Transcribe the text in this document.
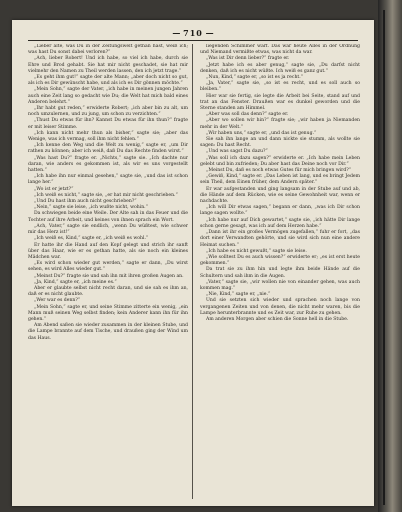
— 710 —

„Lieber alte, was Du in der Zeitungswelt gethan hast, weiß ich; was hast Du sonst dabei verloren?“

„Ach, lieber Robert! Und ich habe, so viel ich habe, durch sie Ehre und Brod gehabt. Sie hat mir nicht geschadet, sie hat mir vielmehr den Namen zu Theil werden lassen, den ich jetzt trage.“

„Es geht ihm gut!“ sagte der alte Mann; „aber doch nicht so gut, als ich es Dir gewünscht habe, und als ich es Dir gönnen möchte.“

„Mein Sohn,“ sagte der Vater, „ich habe in meinen jungen Jahren auch eine Zeit lang so gedacht wie Du; die Welt hat mich bald eines Anderen belehrt.“

„Ihr habt gut reden,“ erwiderte Robert; „ich aber bin zu alt, um noch umzulernen, und zu jung, um schon zu verzichten.“

„Thust Du etwas für ihn? Kannst Du etwas für ihn thun?“ fragte er mit leiser Stimme.

„Ich kann nicht mehr thun als bisher,“ sagte sie; „aber das Wenige, was ich vermag, soll ihm nicht fehlen.“

„Ich kenne den Weg und die Welt zu wenig,“ sagte er, „um Dir rathen zu können; aber ich weiß, daß Du das Rechte finden wirst.“

„Was hast Du?“ fragte er. „Nichts,“ sagte sie. „Ich dachte nur daran, wie anders es gekommen ist, als wir es uns vorgestellt hatten.“

„Ich habe ihn nur einmal gesehen,“ sagte sie, „und das ist schon lange her.“

„Wo ist er jetzt?“

„Ich weiß es nicht,“ sagte sie, „er hat mir nicht geschrieben.“

„Und Du hast ihm auch nicht geschrieben?“

„Nein,“ sagte sie leise, „ich wußte nicht, wohin.“

Da schwiegen beide eine Weile. Der Alte sah in das Feuer und die Tochter auf ihre Arbeit, und keines von ihnen sprach ein Wort.

„Ach, Vater,“ sagte sie endlich, „wenn Du wüßtest, wie schwer mir das Herz ist!“

„Ich weiß es, Kind,“ sagte er, „ich weiß es wohl.“

Er hatte ihr die Hand auf den Kopf gelegt und strich ihr sanft über das Haar, wie er es gethan hatte, als sie noch ein kleines Mädchen war.

„Es wird schon wieder gut werden,“ sagte er dann, „Du wirst sehen, es wird Alles wieder gut.“

„Meinst Du?“ fragte sie und sah ihn mit ihren großen Augen an.

„Ja, Kind,“ sagte er, „ich meine es.“

Aber er glaubte selbst nicht recht daran, und sie sah es ihm an, daß er es nicht glaubte.

„Wer war es denn?“

„Mein Sohn,“ sagte er, und seine Stimme zitterte ein wenig, „ein Mann muß seinen Weg selbst finden; kein Anderer kann ihn für ihn gehen.“

Am Abend saßen sie wieder zusammen in der kleinen Stube, und die Lampe brannte auf dem Tische, und draußen ging der Wind um das Haus.

liegenden Schimmer warf. Das war heute Alles in der Ordnung und Niemand vermißte etwas, was nicht da war.

„Was ist Dir denn lieber?“ fragte er.

„Jetzt habe ich es aber genug,“ sagte sie, „Du darfst nicht denken, daß ich es nicht wüßte. Ich weiß es ganz gut.“

„Nun, Kind,“ sagte er, „so ist es ja recht.“

„Ja, Vater,“ sagte sie, „so ist es recht, und es soll auch so bleiben.“

Hier war sie fertig, sie legte die Arbeit bei Seite, stand auf und trat an das Fenster. Draußen war es dunkel geworden und die Sterne standen am Himmel.

„Aber was soll das denn?“ sagte er.

„Aber wo sollen wir hin?“ fragte sie; „wir haben ja Niemanden mehr in der Welt.“

„Wir haben uns,“ sagte er, „und das ist genug.“

Sie sah ihn lange an und dann nickte sie stumm, als wollte sie sagen: Du hast Recht.

„Und was sagst Du dazu?“

„Was soll ich dazu sagen?“ erwiderte er. „Ich habe mein Leben gelebt und bin zufrieden; Du aber hast das Deine noch vor Dir.“

„Meinst Du, daß es noch etwas Gutes für mich bringen wird?“

„Gewiß, Kind,“ sagte er. „Das Leben ist lang, und es bringt Jedem sein Theil, dem Einen früher, dem Andern später.“

Er war aufgestanden und ging langsam in der Stube auf und ab, die Hände auf dem Rücken, wie es seine Gewohnheit war, wenn er nachdachte.

„Ich will Dir etwas sagen,“ begann er dann, „was ich Dir schon lange sagen wollte.“

„Ich habe nur auf Dich gewartet,“ sagte sie, „ich hätte Dir lange schon gerne gesagt, was ich auf dem Herzen habe.“

„Dann ist ihr ein großes Vermögen zugefallen,“ fuhr er fort, „das dort einer Verwandten gehörte, und sie wird sich nun eine andere Heimat suchen.“

„Ich habe es nicht gewußt,“ sagte sie leise.

„Wie solltest Du es auch wissen?“ erwiderte er; „es ist erst heute gekommen.“

Da trat sie zu ihm hin und legte ihm beide Hände auf die Schultern und sah ihm in die Augen.

„Vater,“ sagte sie, „wir wollen nie von einander gehen, was auch kommen mag.“

„Nie, Kind,“ sagte er, „nie.“

Und sie setzten sich wieder und sprachen noch lange von vergangenen Zeiten und von denen, die nicht mehr waren, bis die Lampe herunterbrannte und es Zeit war, zur Ruhe zu gehen.

Am anderen Morgen aber schien die Sonne hell in die Stube.
